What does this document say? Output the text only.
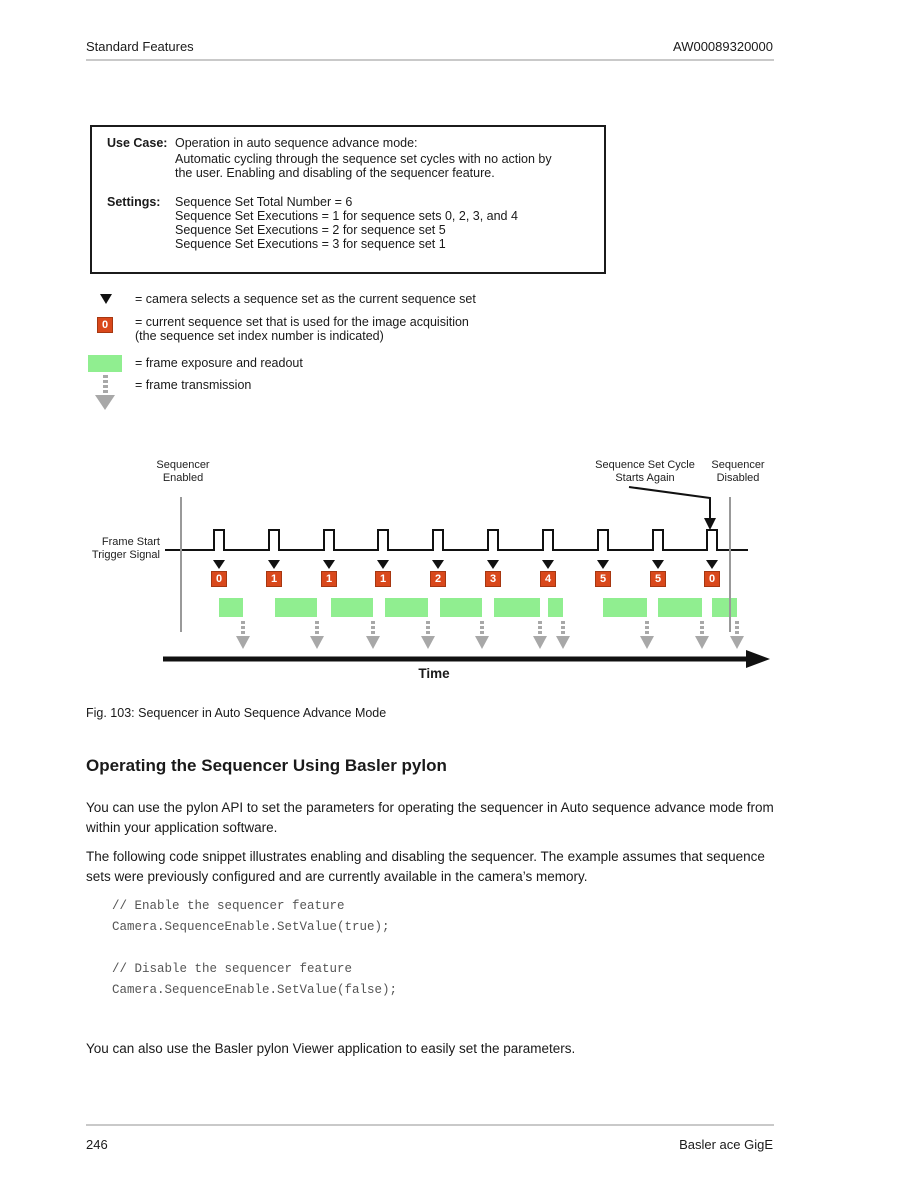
Standard Features	AW00089320000
Use Case: Operation in auto sequence advance mode:
Automatic cycling through the sequence set cycles with no action by the user. Enabling and disabling of the sequencer feature.
Settings:	Sequence Set Total Number = 6
Sequence Set Executions = 1 for sequence sets 0, 2, 3, and 4
Sequence Set Executions = 2 for sequence set 5
Sequence Set Executions = 3 for sequence set 1
= camera selects a sequence set as the current sequence set
0	= current sequence set that is used for the image acquisition
(the sequence set index number is indicated)
= frame exposure and readout
= frame transmission
Sequencer
Enabled
Sequence Set Cycle
Starts Again
Sequencer
Disabled
Frame Start
Trigger Signal
0	1	1	1	2	3	4	5	5	0
Time
Fig. 103: Sequencer in Auto Sequence Advance Mode
Operating the Sequencer Using Basler pylon
You can use the pylon API to set the parameters for operating the sequencer in Auto sequence advance mode from within your application software.
The following code snippet illustrates enabling and disabling the sequencer. The example assumes that sequence sets were previously configured and are currently available in the camera’s memory.
// Enable the sequencer feature
Camera.SequenceEnable.SetValue(true);
// Disable the sequencer feature
Camera.SequenceEnable.SetValue(false);
You can also use the Basler pylon Viewer application to easily set the parameters.
246	Basler ace GigE
